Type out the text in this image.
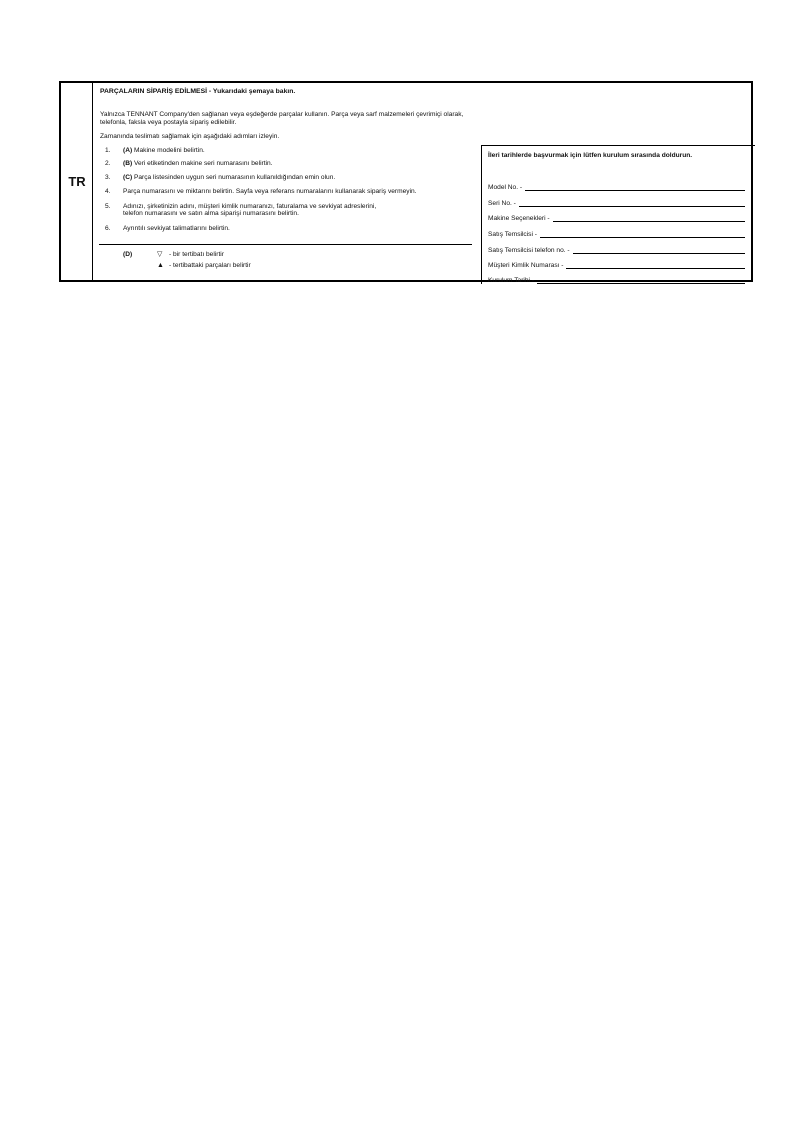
TR
PARÇALARIN SİPARİŞ EDİLMESİ - Yukarıdaki şemaya bakın.
Yalnızca TENNANT Company'den sağlanan veya eşdeğerde parçalar kullanın. Parça veya sarf malzemeleri çevrimiçi olarak,
telefonla, faksla veya postayla sipariş edilebilir.
Zamanında teslimatı sağlamak için aşağıdaki adımları izleyin.
1. (A) Makine modelini belirtin.
2. (B) Veri etiketinden makine seri numarasını belirtin.
3. (C) Parça listesinden uygun seri numarasının kullanıldığından emin olun.
4. Parça numarasını ve miktarını belirtin. Sayfa veya referans numaralarını kullanarak sipariş vermeyin.
5. Adınızı, şirketinizin adını, müşteri kimlik numaranızı, faturalama ve sevkiyat adreslerini,
telefon numarasını ve satın alma siparişi numarasını belirtin.
6. Ayrıntılı sevkiyat talimatlarını belirtin.
(D)	▽ - bir tertibatı belirtir
▲ - tertibattaki parçaları belirtir
İleri tarihlerde başvurmak için lütfen kurulum sırasında doldurun.
Model No. -
Seri No. -
Makine Seçenekleri -
Satış Temsilcisi -
Satış Temsilcisi telefon no. -
Müşteri Kimlik Numarası -
Kurulum Tarihi -
